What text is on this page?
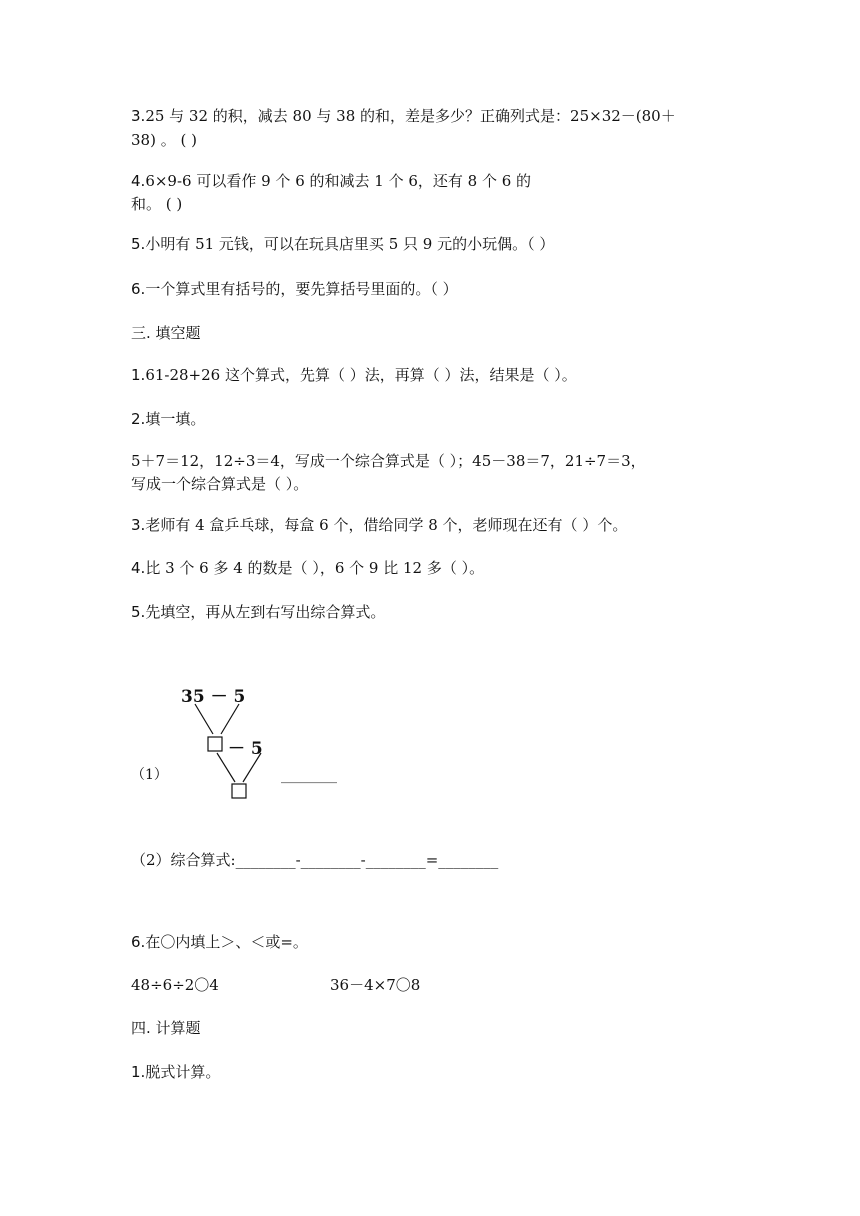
3.25 与 32 的积，减去 80 与 38 的和，差是多少？正确列式是：25×32－(80＋
38) 。 ( )
4.6×9-6 可以看作 9 个 6 的和减去 1 个 6，还有 8 个 6 的
和。 ( )
5.小明有 51 元钱，可以在玩具店里买 5 只 9 元的小玩偶。（ ）
6.一个算式里有括号的，要先算括号里面的。（ ）
三. 填空题
1.61-28+26 这个算式，先算（ ）法，再算（ ）法，结果是（ ）。
2.填一填。
5＋7＝12，12÷3＝4，写成一个综合算式是（ ）；45－38＝7，21÷7＝3，
写成一个综合算式是（ ）。
3.老师有 4 盒乒乓球，每盒 6 个，借给同学 8 个，老师现在还有（ ）个。
4.比 3 个 6 多 4 的数是（ ），6 个 9 比 12 多（ ）。
5.先填空，再从左到右写出综合算式。
35 － 5
－ 5
（1）	________
（2）综合算式:________-________-________=________
6.在〇内填上＞、＜或=。
48÷6÷2〇4	36－4×7〇8
四. 计算题
1.脱式计算。
